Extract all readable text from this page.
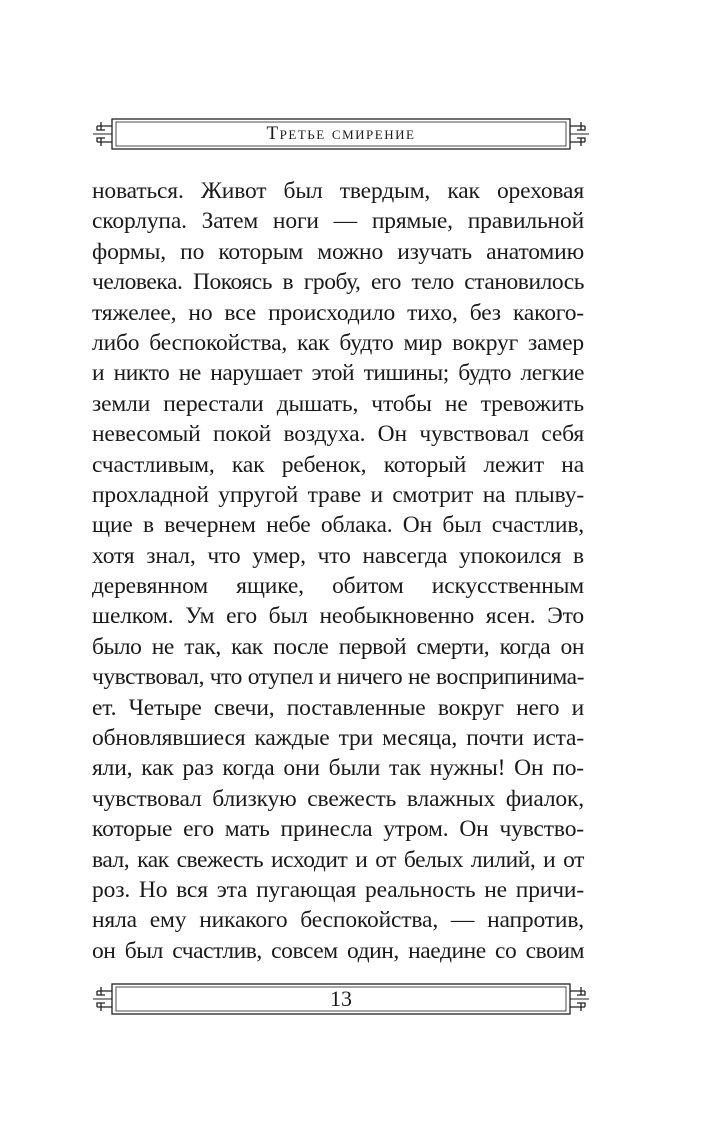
Третье смирение
новаться. Живот был твердым, как ореховая
скорлупа. Затем ноги — прямые, правильной
формы, по которым можно изучать анатомию
человека. Покоясь в гробу, его тело становилось
тяжелее, но все происходило тихо, без какого-
либо беспокойства, как будто мир вокруг замер
и никто не нарушает этой тишины; будто легкие
земли перестали дышать, чтобы не тревожить
невесомый покой воздуха. Он чувствовал себя
счастливым, как ребенок, который лежит на
прохладной упругой траве и смотрит на плыву-
щие в вечернем небе облака. Он был счастлив,
хотя знал, что умер, что навсегда упокоился в
деревянном ящике, обитом искусственным
шелком. Ум его был необыкновенно ясен. Это
было не так, как после первой смерти, когда он
чувствовал, что отупел и ничего не восприпинима-
ет. Четыре свечи, поставленные вокруг него и
обновлявшиеся каждые три месяца, почти иста-
яли, как раз когда они были так нужны! Он по-
чувствовал близкую свежесть влажных фиалок,
которые его мать принесла утром. Он чувство-
вал, как свежесть исходит и от белых лилий, и от
роз. Но вся эта пугающая реальность не причи-
няла ему никакого беспокойства, — напротив,
он был счастлив, совсем один, наедине со своим
13
